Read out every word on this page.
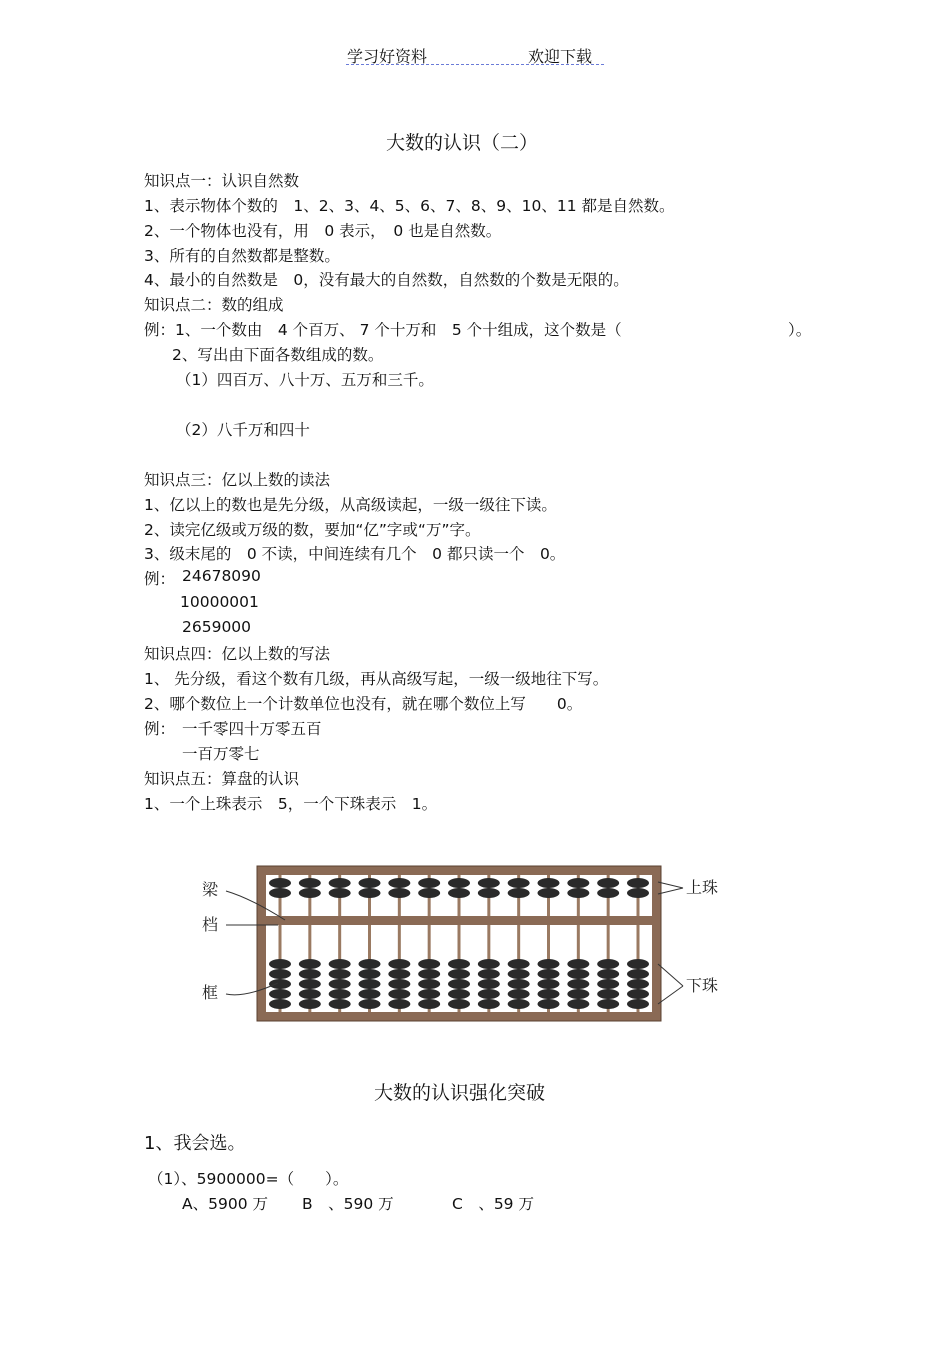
学习好资料	欢迎下载
大数的认识（二）
知识点一：认识自然数
1、表示物体个数的　1、2、3、4、5、6、7、8、9、10、11 都是自然数。
2、一个物体也没有，用　0 表示，　0 也是自然数。
3、所有的自然数都是整数。
4、最小的自然数是　0，没有最大的自然数，自然数的个数是无限的。
知识点二：数的组成
例：1、一个数由　4 个百万、 7 个十万和　5 个十组成，这个数是（	）。
2、写出由下面各数组成的数。
（1）四百万、八十万、五万和三千。
（2）八千万和四十
知识点三：亿以上数的读法
1、亿以上的数也是先分级，从高级读起，一级一级往下读。
2、读完亿级或万级的数，要加“亿”字或“万”字。
3、级末尾的　0 不读，中间连续有几个　0 都只读一个　0。
例： 24678090
10000001
2659000
知识点四：亿以上数的写法
1、 先分级，看这个数有几级，再从高级写起，一级一级地往下写。
2、哪个数位上一个计数单位也没有，就在哪个数位上写　　0。
例： 一千零四十万零五百
一百万零七
知识点五：算盘的认识
1、一个上珠表示　5，一个下珠表示　1。
梁
档
框
上珠
下珠
大数的认识强化突破
1、我会选。
（1）、5900000=（　　）。
A、5900 万 B　、590 万	C　、59 万
